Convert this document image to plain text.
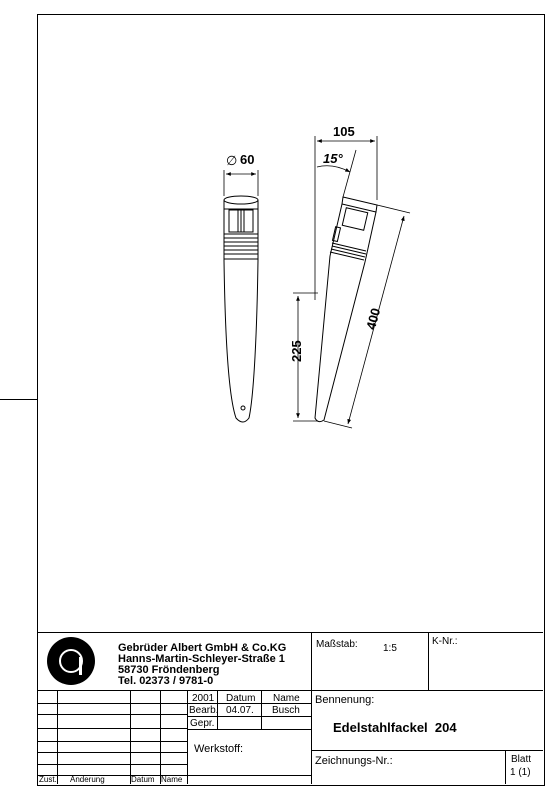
∅ 60
105
15°
400
225
Gebrüder Albert GmbH & Co.KG
Hanns-Martin-Schleyer-Straße 1
58730 Fröndenberg
Tel. 02373 / 9781-0
Maßstab:	1:5
K-Nr.:
Zust. Änderung	Datum Name
2001 Datum Name
Bearb. 04.07. Busch
Gepr.
Werkstoff:
Bennenung:
Edelstahlfackel  204
Zeichnungs-Nr.:	Blatt
1 (1)
